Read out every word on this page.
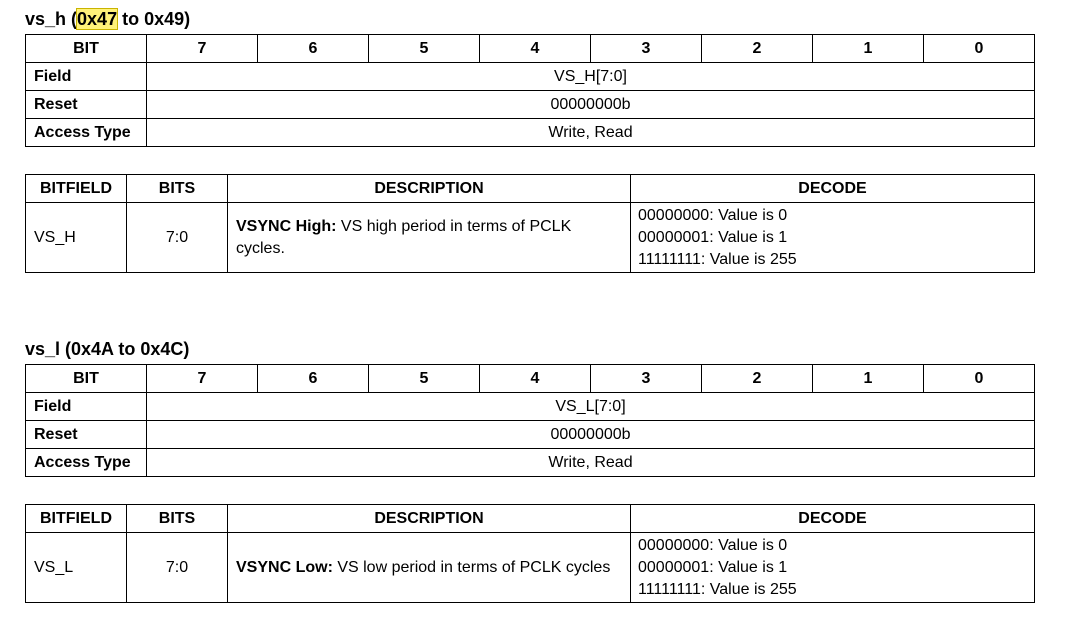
vs_h (0x47 to 0x49)
BIT	7	6	5	4	3	2	1	0
Field	VS_H[7:0]							
Reset	00000000b							
Access Type	Write, Read							
BITFIELD	BITS	DESCRIPTION	DECODE
VS_H	7:0	VSYNC High: VS high period in terms of PCLK cycles.	00000000: Value is 0
00000001: Value is 1
11111111: Value is 255
vs_l (0x4A to 0x4C)
BIT	7	6	5	4	3	2	1	0
Field	VS_L[7:0]							
Reset	00000000b							
Access Type	Write, Read							
BITFIELD	BITS	DESCRIPTION	DECODE
VS_L	7:0	VSYNC Low: VS low period in terms of PCLK cycles	00000000: Value is 0
00000001: Value is 1
11111111: Value is 255
